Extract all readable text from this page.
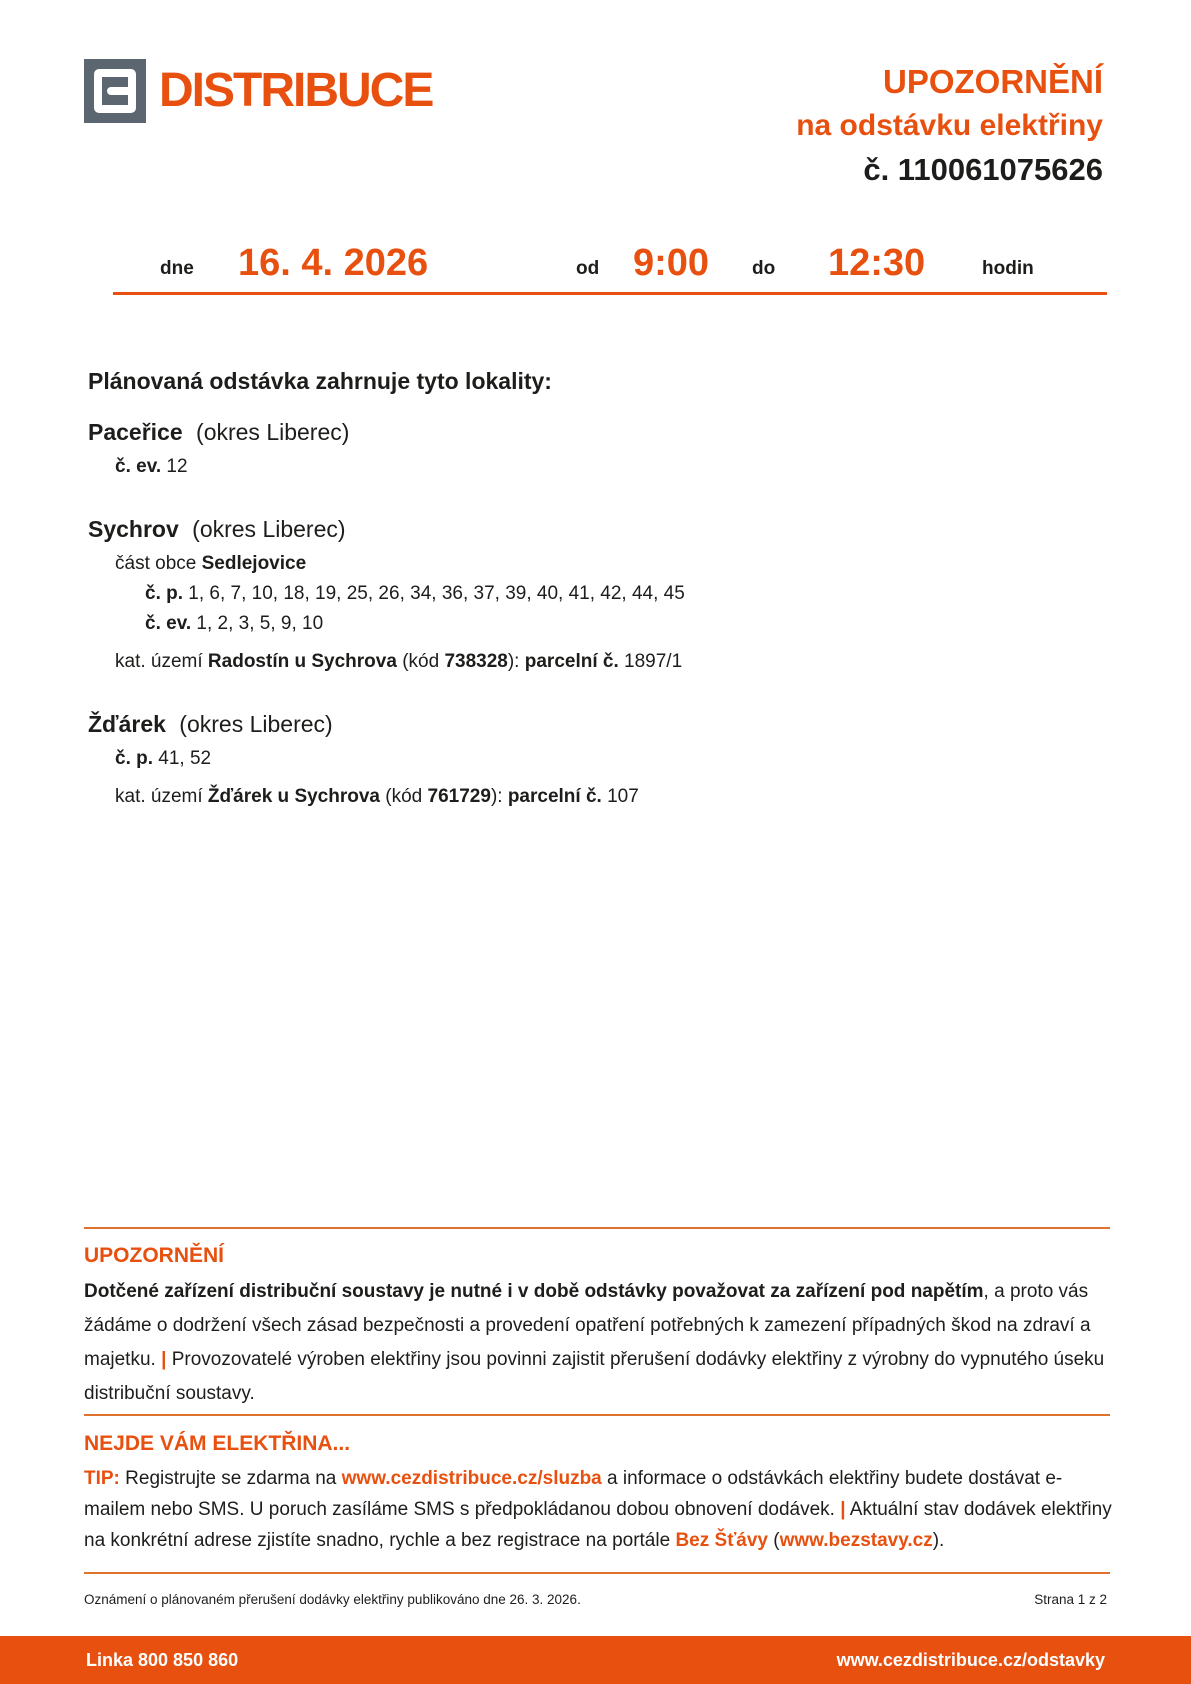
DISTRIBUCE	UPOZORNĚNÍ
na odstávku elektřiny
č. 110061075626
dne 16. 4. 2026	od 9:00 do 12:30	hodin
Plánovaná odstávka zahrnuje tyto lokality:
Paceřice (okres Liberec)
č. ev. 12
Sychrov (okres Liberec)
část obce Sedlejovice
č. p. 1, 6, 7, 10, 18, 19, 25, 26, 34, 36, 37, 39, 40, 41, 42, 44, 45
č. ev. 1, 2, 3, 5, 9, 10
kat. území Radostín u Sychrova (kód 738328): parcelní č. 1897/1
Žďárek (okres Liberec)
č. p. 41, 52
kat. území Žďárek u Sychrova (kód 761729): parcelní č. 107
UPOZORNĚNÍ

Dotčené zařízení distribuční soustavy je nutné i v době odstávky považovat za zařízení pod napětím, a proto vás žádáme o dodržení všech zásad bezpečnosti a provedení opatření potřebných k zamezení případných škod na zdraví a majetku. | Provozovatelé výroben elektřiny jsou povinni zajistit přerušení dodávky elektřiny z výrobny do vypnutého úseku distribuční soustavy.

NEJDE VÁM ELEKTŘINA...

TIP: Registrujte se zdarma na www.cezdistribuce.cz/sluzba a informace o odstávkách elektřiny budete dostávat e-mailem nebo SMS. U poruch zasíláme SMS s předpokládanou dobou obnovení dodávek. | Aktuální stav dodávek elektřiny na konkrétní adrese zjistíte snadno, rychle a bez registrace na portále Bez Šťávy (www.bezstavy.cz).

Oznámení o plánovaném přerušení dodávky elektřiny publikováno dne 26. 3. 2026.	Strana 1 z 2
Linka 800 850 860	www.cezdistribuce.cz/odstavky
